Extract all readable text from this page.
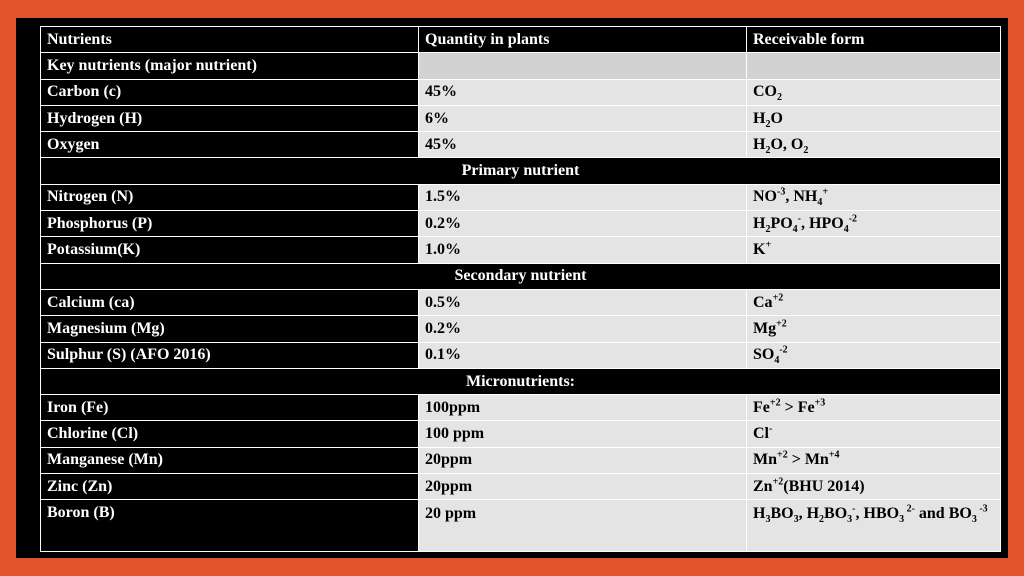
Nutrients	Quantity in plants	Receivable form
Key nutrients (major nutrient)		
Carbon (c)	45%	$CO_2$
Hydrogen (H)	6%	$H_2O$
Oxygen	45%	$H_2O$, $O_2$
Primary nutrient		
Nitrogen (N)	1.5%	$NO^{-3}$, $NH_4^+$
Phosphorus (P)	0.2%	$H_2PO_4^-$, $HPO_4^{-2}$
Potassium(K)	1.0%	K+
Secondary nutrient		
Calcium (ca)	0.5%	$Ca^{+2}$
Magnesium (Mg)	0.2%	$Mg^{+2}$
Sulphur (S) (AFO 2016)	0.1%	$SO_4^{-2}$
Micronutrients:		
Iron (Fe)	100ppm	$Fe^{+2} > Fe^{+3}$
Chlorine (Cl)	100 ppm	Cl-
Manganese (Mn)	20ppm	$Mn^{+2} > Mn^{+4}$
Zinc (Zn)	20ppm	$Zn^{+2}(BHU$ 2014)
Boron (B)	20 ppm	$H_3BO_3$, $H_2BO_3^-$, $HBO_3$ $^{2-}$ and $BO_3$ $^{-3}$
